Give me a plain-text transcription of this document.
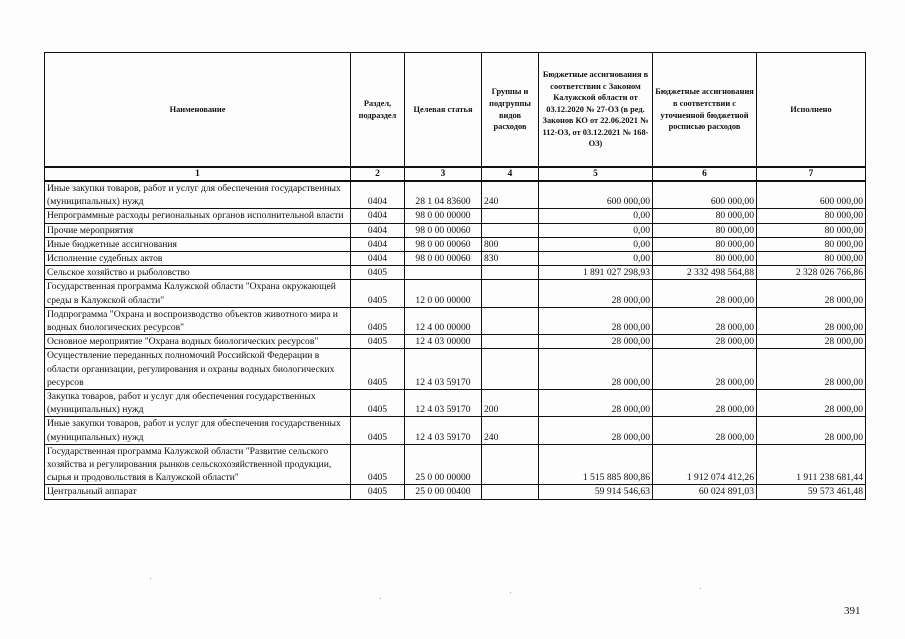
Наименование	Раздел, подраздел	Целевая статья	Группы и подгруппы видов расходов	Бюджетные ассигнования в соответствии с Законом Калужской области от 03.12.2020 № 27-ОЗ (в ред. Законов КО от 22.06.2021 № 112-ОЗ, от 03.12.2021 № 168-ОЗ)	Бюджетные ассигнования в соответствии с уточненной бюджетной росписью расходов	Исполнено
1	2	3	4	5	6	7
Иные закупки товаров, работ и услуг для обеспечения государственных (муниципальных) нужд	0404	28 1 04 83600	240	600 000,00	600 000,00	600 000,00
Непрограммные расходы региональных органов исполнительной власти	0404	98 0 00 00000		0,00	80 000,00	80 000,00
Прочие мероприятия	0404	98 0 00 00060		0,00	80 000,00	80 000,00
Иные бюджетные ассигнования	0404	98 0 00 00060	800	0,00	80 000,00	80 000,00
Исполнение судебных актов	0404	98 0 00 00060	830	0,00	80 000,00	80 000,00
Сельское хозяйство и рыболовство	0405			1 891 027 298,93	2 332 498 564,88	2 328 026 766,86
Государственная программа Калужской области "Охрана окружающей среды в Калужской области"	0405	12 0 00 00000		28 000,00	28 000,00	28 000,00
Подпрограмма "Охрана и воспроизводство объектов животного мира и водных биологических ресурсов"	0405	12 4 00 00000		28 000,00	28 000,00	28 000,00
Основное мероприятие "Охрана водных биологических ресурсов"	0405	12 4 03 00000		28 000,00	28 000,00	28 000,00
Осуществление переданных полномочий Российской Федерации в области организации, регулирования и охраны водных биологических ресурсов	0405	12 4 03 59170		28 000,00	28 000,00	28 000,00
Закупка товаров, работ и услуг для обеспечения государственных (муниципальных) нужд	0405	12 4 03 59170	200	28 000,00	28 000,00	28 000,00
Иные закупки товаров, работ и услуг для обеспечения государственных (муниципальных) нужд	0405	12 4 03 59170	240	28 000,00	28 000,00	28 000,00
Государственная программа Калужской области "Развитие сельского хозяйства и регулирования рынков сельскохозяйственной продукции, сырья и продовольствия в Калужской области"	0405	25 0 00 00000		1 515 885 800,86	1 912 074 412,26	1 911 238 681,44
Центральный аппарат	0405	25 0 00 00400		59 914 546,63	60 024 891,03	59 573 461,48
391
